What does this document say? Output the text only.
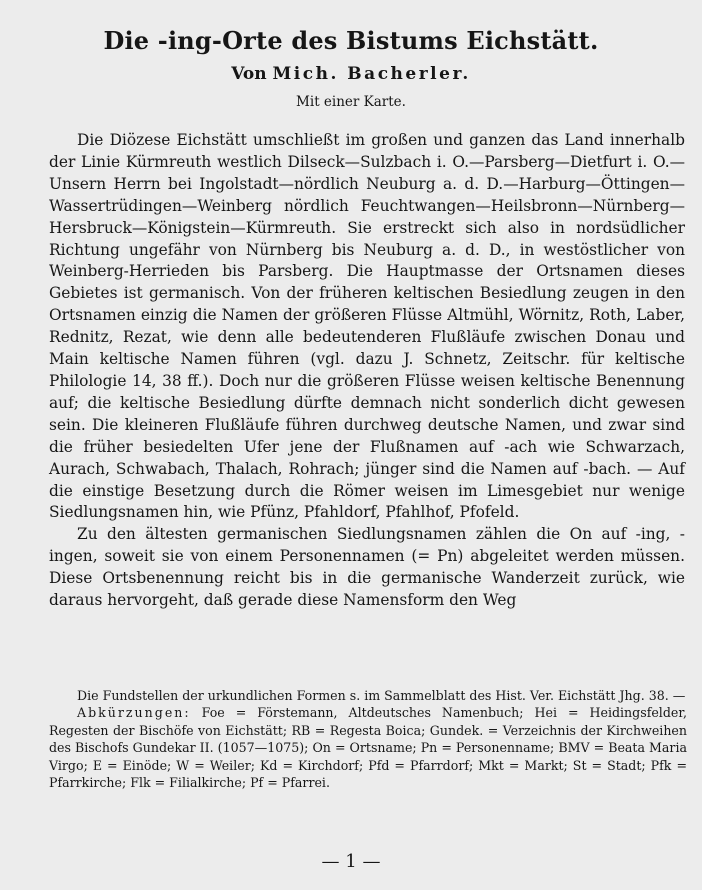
Die -ing-Orte des Bistums Eichstätt.

Von Mich. Bacherler.

Mit einer Karte.

Die Diözese Eichstätt umschließt im großen und ganzen das Land innerhalb der Linie Kürmreuth westlich Dilseck—Sulzbach i. O.—Parsberg—Dietfurt i. O.—Unsern Herrn bei Ingolstadt—nördlich Neuburg a. d. D.—Harburg—Öttingen—Wassertrüdingen—Weinberg nördlich Feuchtwangen—Heilsbronn—Nürnberg—Hersbruck—Königstein—Kürmreuth. Sie erstreckt sich also in nordsüdlicher Richtung ungefähr von Nürnberg bis Neuburg a. d. D., in westöstlicher von Weinberg-Herrieden bis Parsberg. Die Hauptmasse der Ortsnamen dieses Gebietes ist germanisch. Von der früheren keltischen Besiedlung zeugen in den Ortsnamen einzig die Namen der größeren Flüsse Altmühl, Wörnitz, Roth, Laber, Rednitz, Rezat, wie denn alle bedeutenderen Flußläufe zwischen Donau und Main keltische Namen führen (vgl. dazu J. Schnetz, Zeitschr. für keltische Philologie 14, 38 ff.). Doch nur die größeren Flüsse weisen keltische Benennung auf; die keltische Besiedlung dürfte demnach nicht sonderlich dicht gewesen sein. Die kleineren Flußläufe führen durchweg deutsche Namen, und zwar sind die früher besiedelten Ufer jene der Flußnamen auf -ach wie Schwarzach, Aurach, Schwabach, Thalach, Rohrach; jünger sind die Namen auf -bach. — Auf die einstige Besetzung durch die Römer weisen im Limesgebiet nur wenige Siedlungsnamen hin, wie Pfünz, Pfahldorf, Pfahlhof, Pfofeld.

Zu den ältesten germanischen Siedlungsnamen zählen die On auf -ing, -ingen, soweit sie von einem Personennamen (= Pn) abgeleitet werden müssen. Diese Ortsbenennung reicht bis in die germanische Wanderzeit zurück, wie daraus hervorgeht, daß gerade diese Namensform den Weg

Die Fundstellen der urkundlichen Formen s. im Sammelblatt des Hist. Ver. Eichstätt Jhg. 38. —

Abkürzungen: Foe = Förstemann, Altdeutsches Namenbuch; Hei = Heidingsfelder, Regesten der Bischöfe von Eichstätt; RB = Regesta Boica; Gundek. = Verzeichnis der Kirchweihen des Bischofs Gundekar II. (1057—1075); On = Ortsname; Pn = Personenname; BMV = Beata Maria Virgo; E = Einöde; W = Weiler; Kd = Kirchdorf; Pfd = Pfarrdorf; Mkt = Markt; St = Stadt; Pfk = Pfarrkirche; Flk = Filialkirche; Pf = Pfarrei.

— 1 —
